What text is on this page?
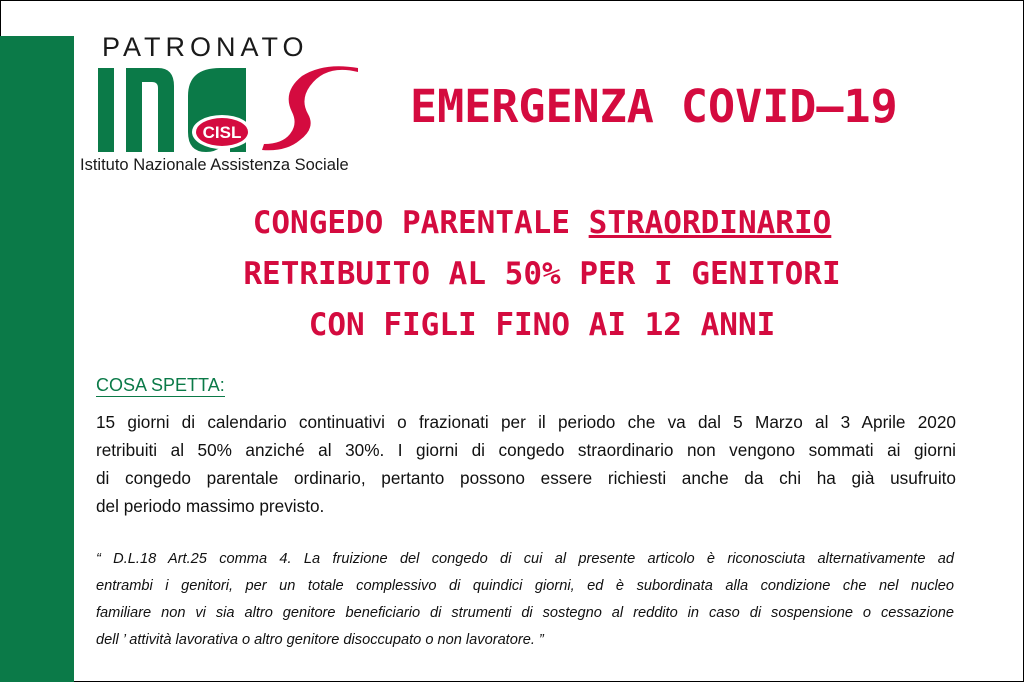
PATRONATO
CISL
Istituto Nazionale Assistenza Sociale
EMERGENZA COVID–19
CONGEDO PARENTALE STRAORDINARIO
RETRIBUITO AL 50% PER I GENITORI
CON FIGLI FINO AI 12 ANNI
COSA SPETTA:
15 giorni di calendario continuativi o frazionati per il periodo che va dal 5 Marzo al 3 Aprile 2020
retribuiti al 50% anziché al 30%. I giorni di congedo straordinario non vengono sommati ai giorni
di congedo parentale ordinario, pertanto possono essere richiesti anche da chi ha già usufruito
del periodo massimo previsto.
“ D.L.18 Art.25 comma 4. La fruizione del congedo di cui al presente articolo è riconosciuta alternativamente ad
entrambi i genitori, per un totale complessivo di quindici giorni, ed è subordinata alla condizione che nel nucleo
familiare non vi sia altro genitore beneficiario di strumenti di sostegno al reddito in caso di sospensione o cessazione
dell ’ attività lavorativa o altro genitore disoccupato o non lavoratore. ”
